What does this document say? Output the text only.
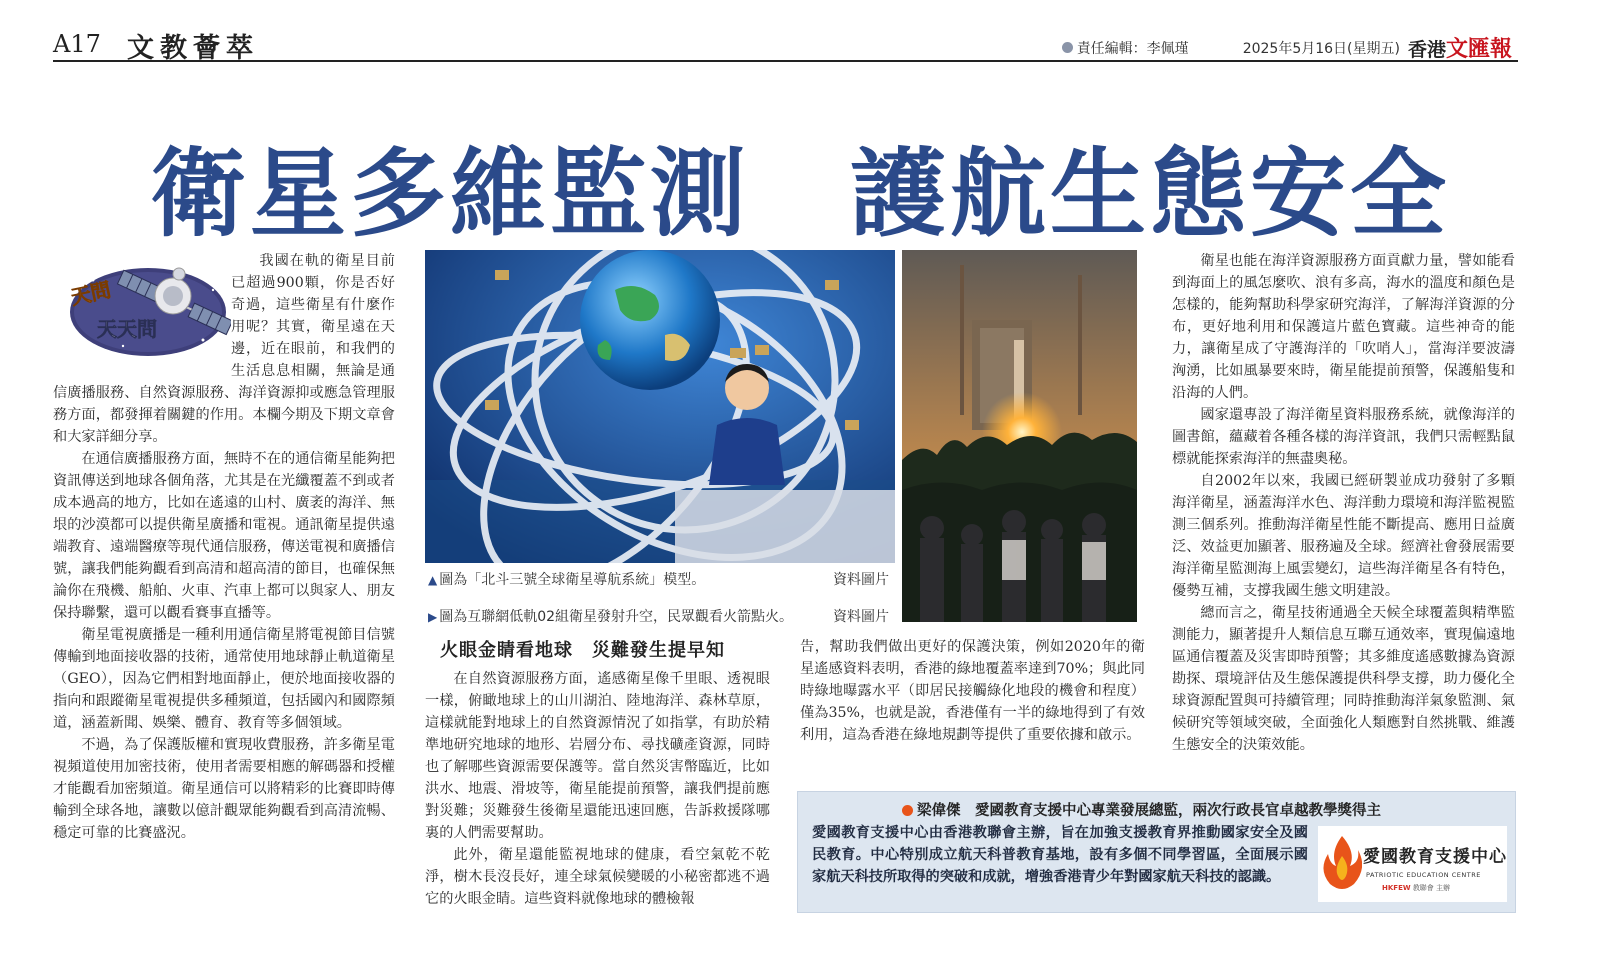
A17 文教薈萃	責任編輯：李佩瑾	2025年5月16日(星期五) 香港文匯報
衛星多維監測　護航生態安全
天問
天天問

我國在軌的衛星目前已超過900顆，你是否好奇過，這些衛星有什麼作用呢？其實，衛星遠在天邊，近在眼前，和我們的生活息息相關，無論是通信廣播服務、自然資源服務、海洋資源抑或應急管理服務方面，都發揮着關鍵的作用。本欄今期及下期文章會和大家詳細分享。

在通信廣播服務方面，無時不在的通信衛星能夠把資訊傳送到地球各個角落，尤其是在光纖覆蓋不到或者成本過高的地方，比如在遙遠的山村、廣袤的海洋、無垠的沙漠都可以提供衛星廣播和電視。通訊衛星提供遠端教育、遠端醫療等現代通信服務，傳送電視和廣播信號，讓我們能夠觀看到高清和超高清的節目，也確保無論你在飛機、船舶、火車、汽車上都可以與家人、朋友保持聯繫，還可以觀看賽事直播等。

衛星電視廣播是一種利用通信衛星將電視節目信號傳輸到地面接收器的技術，通常使用地球靜止軌道衛星（GEO），因為它們相對地面靜止，便於地面接收器的指向和跟蹤衛星電視提供多種頻道，包括國內和國際頻道，涵蓋新聞、娛樂、體育、教育等多個領域。

不過，為了保護版權和實現收費服務，許多衛星電視頻道使用加密技術，使用者需要相應的解碼器和授權才能觀看加密頻道。衛星通信可以將精彩的比賽即時傳輸到全球各地，讓數以億計觀眾能夠觀看到高清流暢、穩定可靠的比賽盛況。

▲ 圖為「北斗三號全球衛星導航系統」模型。	資料圖片
▶ 圖為互聯網低軌02組衛星發射升空，民眾觀看火箭點火。	資料圖片
火眼金睛看地球　災難發生提早知

在自然資源服務方面，遙感衛星像千里眼、透視眼一樣，俯瞰地球上的山川湖泊、陸地海洋、森林草原，這樣就能對地球上的自然資源情況了如指掌，有助於精準地研究地球的地形、岩層分布、尋找礦產資源，同時也了解哪些資源需要保護等。當自然災害幣臨近，比如洪水、地震、滑坡等，衛星能提前預警，讓我們提前應對災難；災難發生後衛星還能迅速回應，告訴救援隊哪裏的人們需要幫助。

此外，衛星還能監視地球的健康，看空氣乾不乾淨，樹木長沒長好，連全球氣候變暖的小秘密都逃不過它的火眼金睛。這些資料就像地球的體檢報

告，幫助我們做出更好的保護決策，例如2020年的衛星遙感資料表明，香港的綠地覆蓋率達到70%；與此同時綠地曝露水平（即居民接觸綠化地段的機會和程度）僅為35%，也就是說，香港僅有一半的綠地得到了有效利用，這為香港在綠地規劃等提供了重要依據和啟示。

衛星也能在海洋資源服務方面貢獻力量，譬如能看到海面上的風怎麼吹、浪有多高，海水的溫度和顏色是怎樣的，能夠幫助科學家研究海洋，了解海洋資源的分布，更好地利用和保護這片藍色寶藏。這些神奇的能力，讓衛星成了守護海洋的「吹哨人」，當海洋要波濤洶湧，比如風暴要來時，衛星能提前預警，保護船隻和沿海的人們。

國家還專設了海洋衛星資料服務系統，就像海洋的圖書館，蘊藏着各種各樣的海洋資訊，我們只需輕點鼠標就能探索海洋的無盡奧秘。

自2002年以來，我國已經研製並成功發射了多顆海洋衛星，涵蓋海洋水色、海洋動力環境和海洋監視監測三個系列。推動海洋衛星性能不斷提高、應用日益廣泛、效益更加顯著、服務遍及全球。經濟社會發展需要海洋衛星監測海上風雲變幻，這些海洋衛星各有特色，優勢互補，支撐我國生態文明建設。

總而言之，衛星技術通過全天候全球覆蓋與精準監測能力，顯著提升人類信息互聯互通效率，實現偏遠地區通信覆蓋及災害即時預警；其多維度遙感數據為資源勘探、環境評估及生態保護提供科學支撐，助力優化全球資源配置與可持續管理；同時推動海洋氣象監測、氣候研究等領域突破，全面強化人類應對自然挑戰、維護生態安全的決策效能。

梁偉傑　愛國教育支援中心專業發展總監，兩次行政長官卓越教學獎得主
愛國教育支援中心由香港教聯會主辦，旨在加強支援教育界推動國家安全及國民教育。中心特別成立航天科普教育基地，設有多個不同學習區，全面展示國家航天科技所取得的突破和成就，增強香港青少年對國家航天科技的認識。
愛國教育支援中心
PATRIOTIC EDUCATION CENTRE
HKFEW 教聯會 主辦
